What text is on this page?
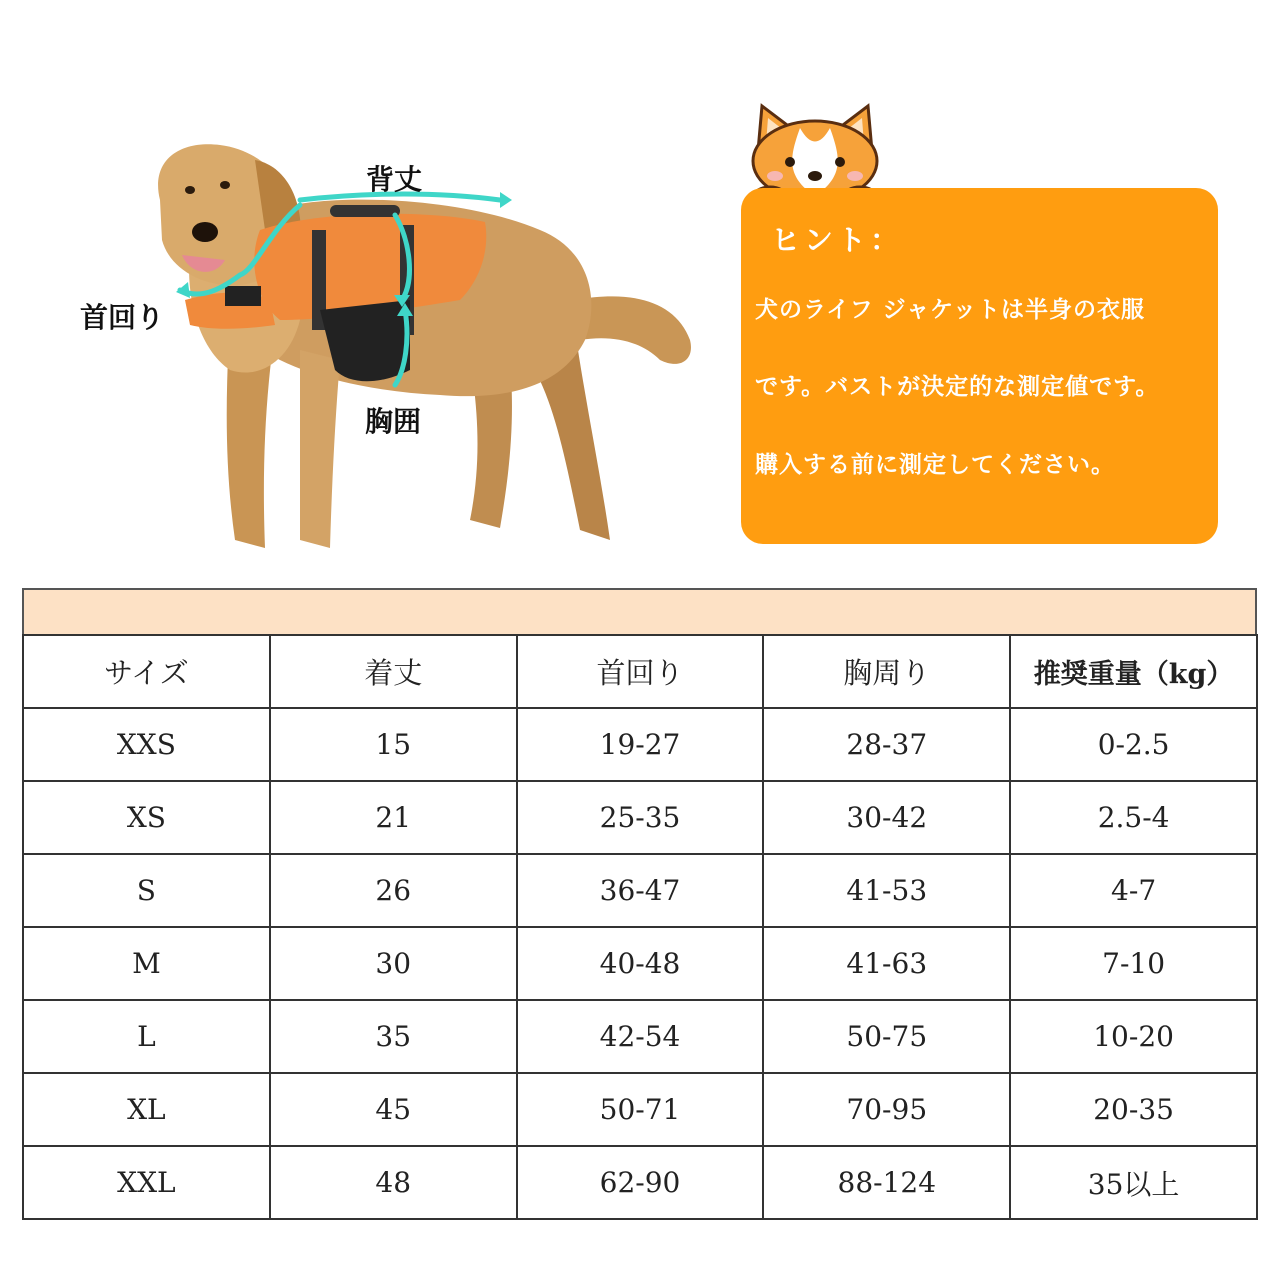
背丈
首回り
胸囲
ヒント：
犬のライフ ジャケットは半身の衣服
です。バストが決定的な測定値です。
購入する前に測定してください。
サイズ	着丈	首回り	胸周り	推奨重量（kg）
XXS	15	19-27	28-37	0-2.5
XS	21	25-35	30-42	2.5-4
S	26	36-47	41-53	4-7
M	30	40-48	41-63	7-10
L	35	42-54	50-75	10-20
XL	45	50-71	70-95	20-35
XXL	48	62-90	88-124	35以上
